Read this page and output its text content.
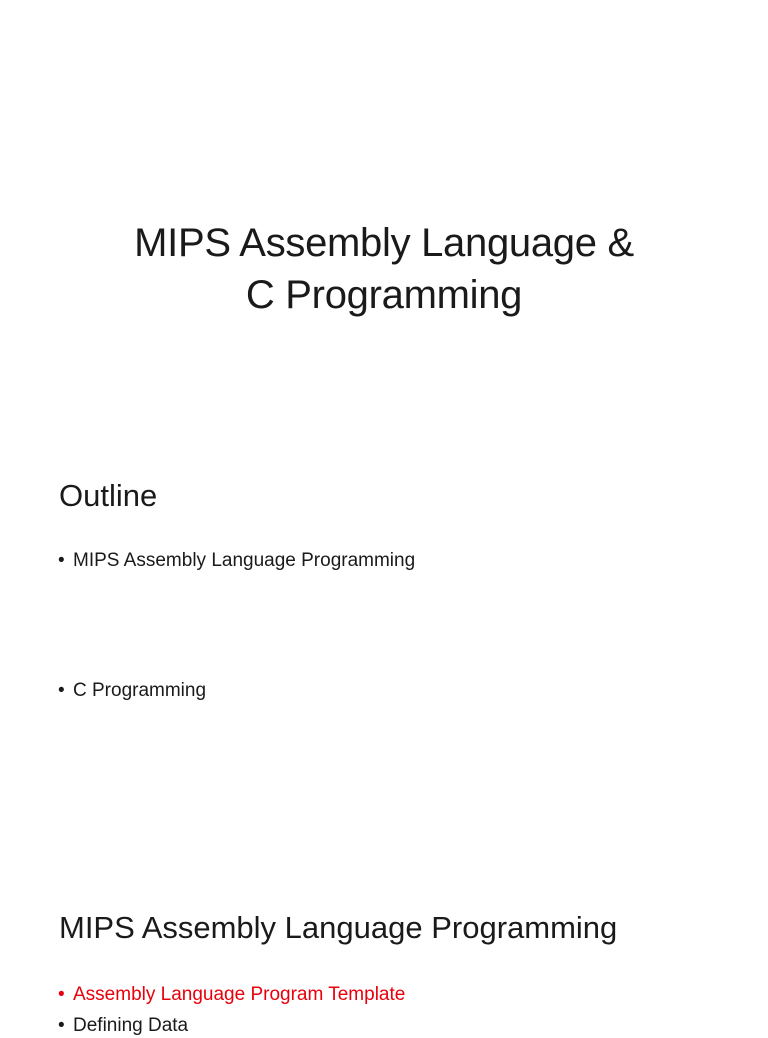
MIPS Assembly Language &
C Programming
Outline
• MIPS Assembly Language Programming
• C Programming
MIPS Assembly Language Programming
• Assembly Language Program Template
• Defining Data
